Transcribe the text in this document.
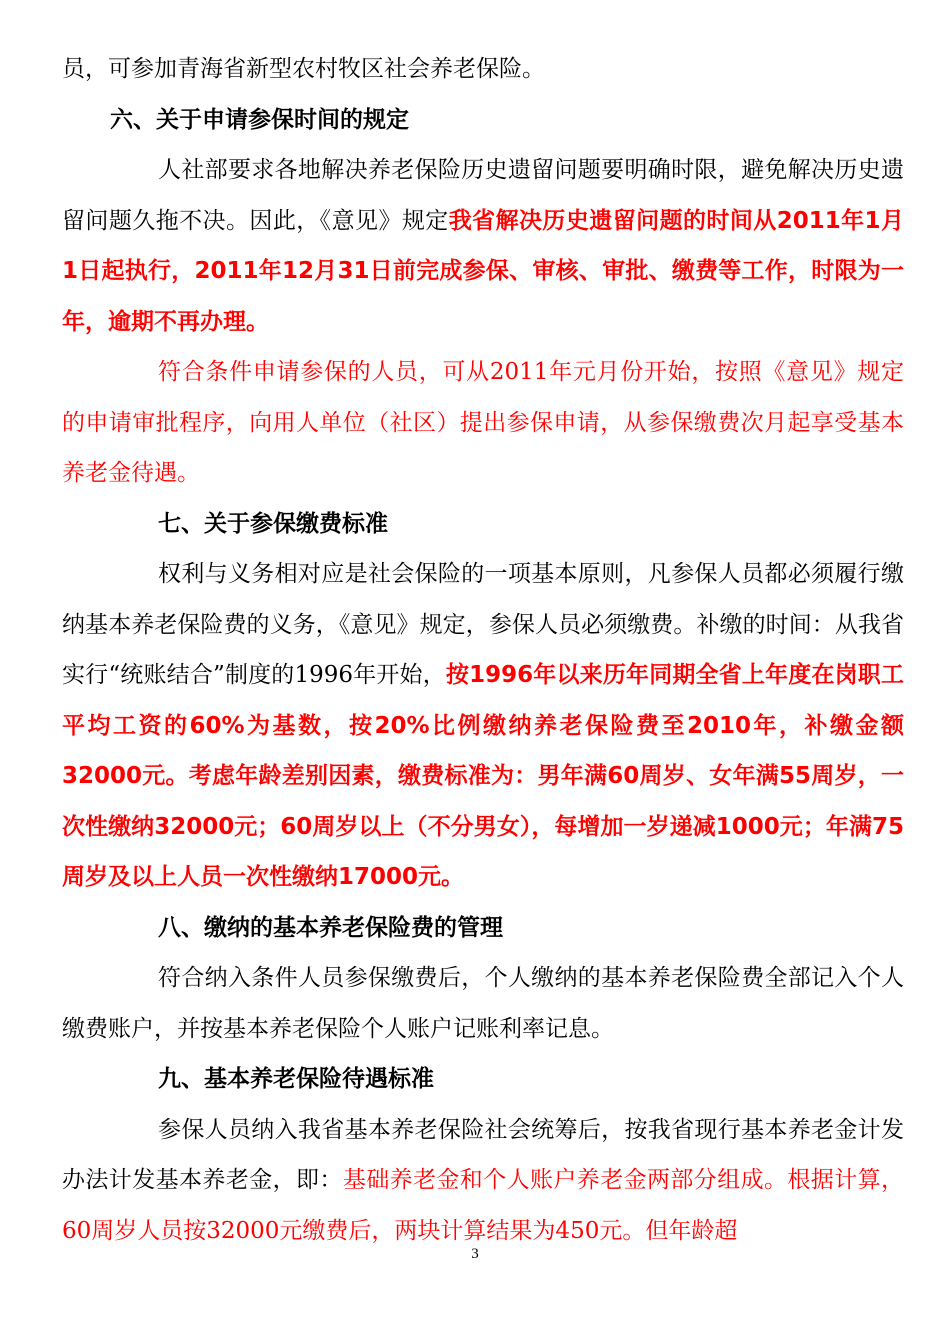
员，可参加青海省新型农村牧区社会养老保险。

六、关于申请参保时间的规定

人社部要求各地解决养老保险历史遗留问题要明确时限，避免解决历史遗留问题久拖不决。因此，《意见》规定我省解决历史遗留问题的时间从2011年1月1日起执行，2011年12月31日前完成参保、审核、审批、缴费等工作，时限为一年，逾期不再办理。

符合条件申请参保的人员，可从2011年元月份开始，按照《意见》规定的申请审批程序，向用人单位（社区）提出参保申请，从参保缴费次月起享受基本养老金待遇。

七、关于参保缴费标准

权利与义务相对应是社会保险的一项基本原则，凡参保人员都必须履行缴纳基本养老保险费的义务，《意见》规定，参保人员必须缴费。补缴的时间：从我省实行“统账结合”制度的1996年开始，按1996年以来历年同期全省上年度在岗职工平均工资的60%为基数，按20%比例缴纳养老保险费至2010年，补缴金额32000元。考虑年龄差别因素，缴费标准为：男年满60周岁、女年满55周岁，一次性缴纳32000元；60周岁以上（不分男女），每增加一岁递减1000元；年满75周岁及以上人员一次性缴纳17000元。

八、缴纳的基本养老保险费的管理

符合纳入条件人员参保缴费后，个人缴纳的基本养老保险费全部记入个人缴费账户，并按基本养老保险个人账户记账利率记息。

九、基本养老保险待遇标准

参保人员纳入我省基本养老保险社会统筹后，按我省现行基本养老金计发办法计发基本养老金，即：基础养老金和个人账户养老金两部分组成。根据计算，60周岁人员按32000元缴费后，两块计算结果为450元。但年龄超

3
